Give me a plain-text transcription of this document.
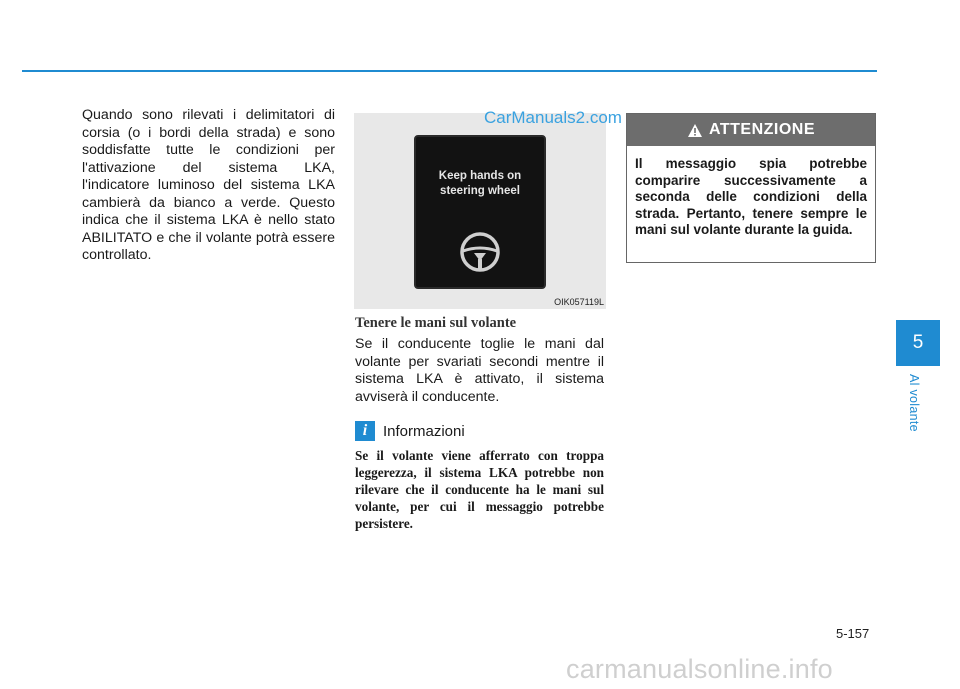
Quando sono rilevati i delimitatori di corsia (o i bordi della strada) e sono soddisfatte tutte le condizioni per l'attivazione del sistema LKA, l'indicatore luminoso del sistema LKA cambierà da bianco a verde. Questo indica che il sistema LKA è nello stato ABILITATO e che il volante potrà essere controllato.
Keep hands on
steering wheel
OIK057119L
CarManuals2.com
Tenere le mani sul volante
Se il conducente toglie le mani dal volante per svariati secondi mentre il sistema LKA è attivato, il sistema avviserà il conducente.
i	Informazioni
Se il volante viene afferrato con troppa leggerezza, il sistema LKA potrebbe non rilevare che il conducente ha le mani sul volante, per cui il messaggio potrebbe persistere.
ATTENZIONE
Il messaggio spia potrebbe comparire successivamente a seconda delle condizioni della strada. Pertanto, tenere sempre le mani sul volante durante la guida.
5
Al volante
5-157
carmanualsonline.info
